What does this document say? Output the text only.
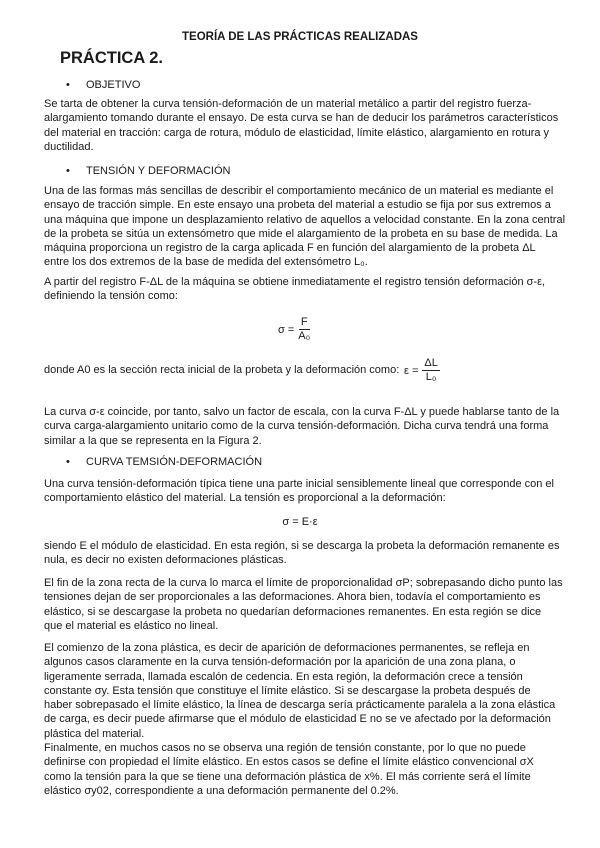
TEORÍA DE LAS PRÁCTICAS REALIZADAS
PRÁCTICA 2.
• OBJETIVO
Se tarta de obtener la curva tensión-deformación de un material metálico a partir del registro fuerza-
alargamiento tomando durante el ensayo. De esta curva se han de deducir los parámetros característicos
del material en tracción: carga de rotura, módulo de elasticidad, límite elástico, alargamiento en rotura y
ductilidad.
• TENSIÓN Y DEFORMACIÓN
Una de las formas más sencillas de describir el comportamiento mecánico de un material es mediante el
ensayo de tracción simple. En este ensayo una probeta del material a estudio se fija por sus extremos a
una máquina que impone un desplazamiento relativo de aquellos a velocidad constante. En la zona central
de la probeta se sitúa un extensómetro que mide el alargamiento de la probeta en su base de medida. La
máquina proporciona un registro de la carga aplicada F en función del alargamiento de la probeta ΔL
entre los dos extremos de la base de medida del extensómetro L₀.
A partir del registro F-ΔL de la máquina se obtiene inmediatamente el registro tensión deformación σ-ε,
definiendo la tensión como:
$\sigma = \frac{F}{\text{A₀}}$
donde A0 es la sección recta inicial de la probeta y la deformación como: $\varepsilon = \frac{\Delta L}{\text{L₀}}$
La curva σ-ε coincide, por tanto, salvo un factor de escala, con la curva F-ΔL y puede hablarse tanto de la
curva carga-alargamiento unitario como de la curva tensión-deformación. Dicha curva tendrá una forma
similar a la que se representa en la Figura 2.
• CURVA TEMSIÓN-DEFORMACIÓN
Una curva tensión-deformación típica tiene una parte inicial sensiblemente lineal que corresponde con el
comportamiento elástico del material. La tensión es proporcional a la deformación:
σ = E·ε
siendo E el módulo de elasticidad. En esta región, si se descarga la probeta la deformación remanente es
nula, es decir no existen deformaciones plásticas.
El fin de la zona recta de la curva lo marca el límite de proporcionalidad σP; sobrepasando dicho punto las
tensiones dejan de ser proporcionales a las deformaciones. Ahora bien, todavía el comportamiento es
elástico, si se descargase la probeta no quedarían deformaciones remanentes. En esta región se dice
que el material es elástico no lineal.
El comienzo de la zona plástica, es decir de aparición de deformaciones permanentes, se refleja en
algunos casos claramente en la curva tensión-deformación por la aparición de una zona plana, o
ligeramente serrada, llamada escalón de cedencia. En esta región, la deformación crece a tensión
constante σy. Esta tensión que constituye el límite elástico. Si se descargase la probeta después de
haber sobrepasado el límite elástico, la línea de descarga sería prácticamente paralela a la zona elástica
de carga, es decir puede afirmarse que el módulo de elasticidad E no se ve afectado por la deformación
plástica del material.
Finalmente, en muchos casos no se observa una región de tensión constante, por lo que no puede
definirse con propiedad el límite elástico. En estos casos se define el límite elástico convencional σX
como la tensión para la que se tiene una deformación plástica de x%. El más corriente será el límite
elástico σy02, correspondiente a una deformación permanente del 0.2%.
